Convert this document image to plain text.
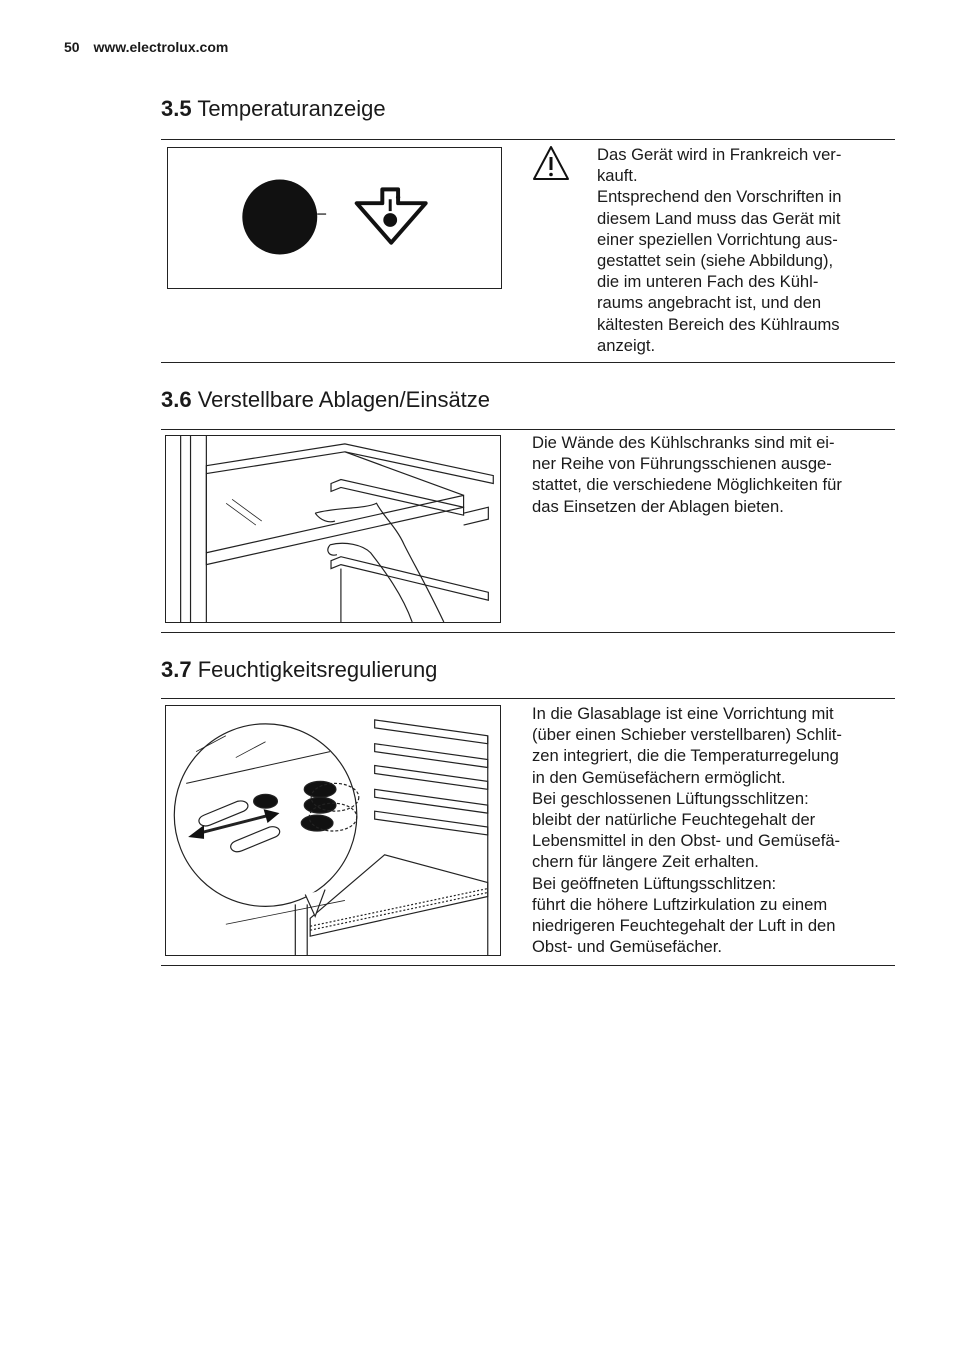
50 www.electrolux.com
3.5 Temperaturanzeige
Das Gerät wird in Frankreich ver-
kauft.
Entsprechend den Vorschriften in
diesem Land muss das Gerät mit
einer speziellen Vorrichtung aus-
gestattet sein (siehe Abbildung),
die im unteren Fach des Kühl-
raums angebracht ist, und den
kältesten Bereich des Kühlraums
anzeigt.
3.6 Verstellbare Ablagen/Einsätze
Die Wände des Kühlschranks sind mit ei-
ner Reihe von Führungsschienen ausge-
stattet, die verschiedene Möglichkeiten für
das Einsetzen der Ablagen bieten.
3.7 Feuchtigkeitsregulierung
In die Glasablage ist eine Vorrichtung mit
(über einen Schieber verstellbaren) Schlit-
zen integriert, die die Temperaturregelung
in den Gemüsefächern ermöglicht.
Bei geschlossenen Lüftungsschlitzen:
bleibt der natürliche Feuchtegehalt der
Lebensmittel in den Obst- und Gemüsefä-
chern für längere Zeit erhalten.
Bei geöffneten Lüftungsschlitzen:
führt die höhere Luftzirkulation zu einem
niedrigeren Feuchtegehalt der Luft in den
Obst- und Gemüsefächer.
